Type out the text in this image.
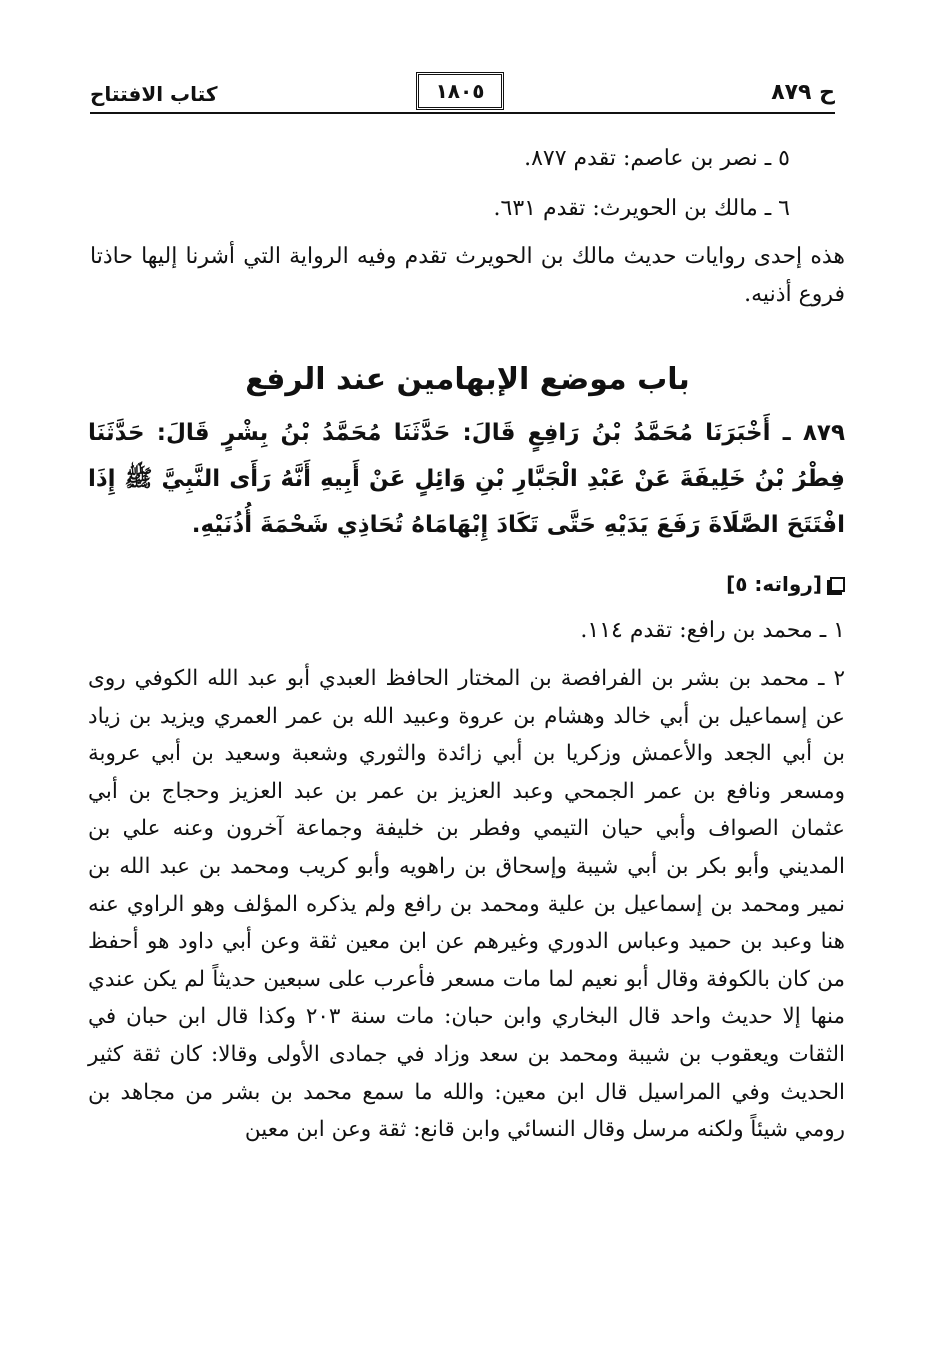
ح ٨٧٩
١٨٠٥
كتاب الافتتاح

٥ ـ نصر بن عاصم: تقدم ٨٧٧.

٦ ـ مالك بن الحويرث: تقدم ٦٣١.

هذه إحدى روايات حديث مالك بن الحويرث تقدم وفيه الرواية التي أشرنا إليها حاذتا فروع أذنيه.

باب موضع الإبهامين عند الرفع

٨٧٩ ـ أَخْبَرَنَا مُحَمَّدُ بْنُ رَافِعٍ قَالَ: حَدَّثَنَا مُحَمَّدُ بْنُ بِشْرٍ قَالَ: حَدَّثَنَا فِطْرُ بْنُ خَلِيفَةَ عَنْ عَبْدِ الْجَبَّارِ بْنِ وَائِلٍ عَنْ أَبِيهِ أَنَّهُ رَأَى النَّبِيَّ ﷺ إِذَا افْتَتَحَ الصَّلَاةَ رَفَعَ يَدَيْهِ حَتَّى تَكَادَ إِبْهَامَاهُ تُحَاذِي شَحْمَةَ أُذُنَيْهِ.

[رواته: ٥]

١ ـ محمد بن رافع: تقدم ١١٤.

٢ ـ محمد بن بشر بن الفرافصة بن المختار الحافظ العبدي أبو عبد الله الكوفي روى عن إسماعيل بن أبي خالد وهشام بن عروة وعبيد الله بن عمر العمري ويزيد بن زياد بن أبي الجعد والأعمش وزكريا بن أبي زائدة والثوري وشعبة وسعيد بن أبي عروبة ومسعر ونافع بن عمر الجمحي وعبد العزيز بن عمر بن عبد العزيز وحجاج بن أبي عثمان الصواف وأبي حيان التيمي وفطر بن خليفة وجماعة آخرون وعنه علي بن المديني وأبو بكر بن أبي شيبة وإسحاق بن راهويه وأبو كريب ومحمد بن عبد الله بن نمير ومحمد بن إسماعيل بن علية ومحمد بن رافع ولم يذكره المؤلف وهو الراوي عنه هنا وعبد بن حميد وعباس الدوري وغيرهم عن ابن معين ثقة وعن أبي داود هو أحفظ من كان بالكوفة وقال أبو نعيم لما مات مسعر فأعرب على سبعين حديثاً لم يكن عندي منها إلا حديث واحد قال البخاري وابن حبان: مات سنة ٢٠٣ وكذا قال ابن حبان في الثقات ويعقوب بن شيبة ومحمد بن سعد وزاد في جمادى الأولى وقالا: كان ثقة كثير الحديث وفي المراسيل قال ابن معين: والله ما سمع محمد بن بشر من مجاهد بن رومي شيئاً ولكنه مرسل وقال النسائي وابن قانع: ثقة وعن ابن معين
